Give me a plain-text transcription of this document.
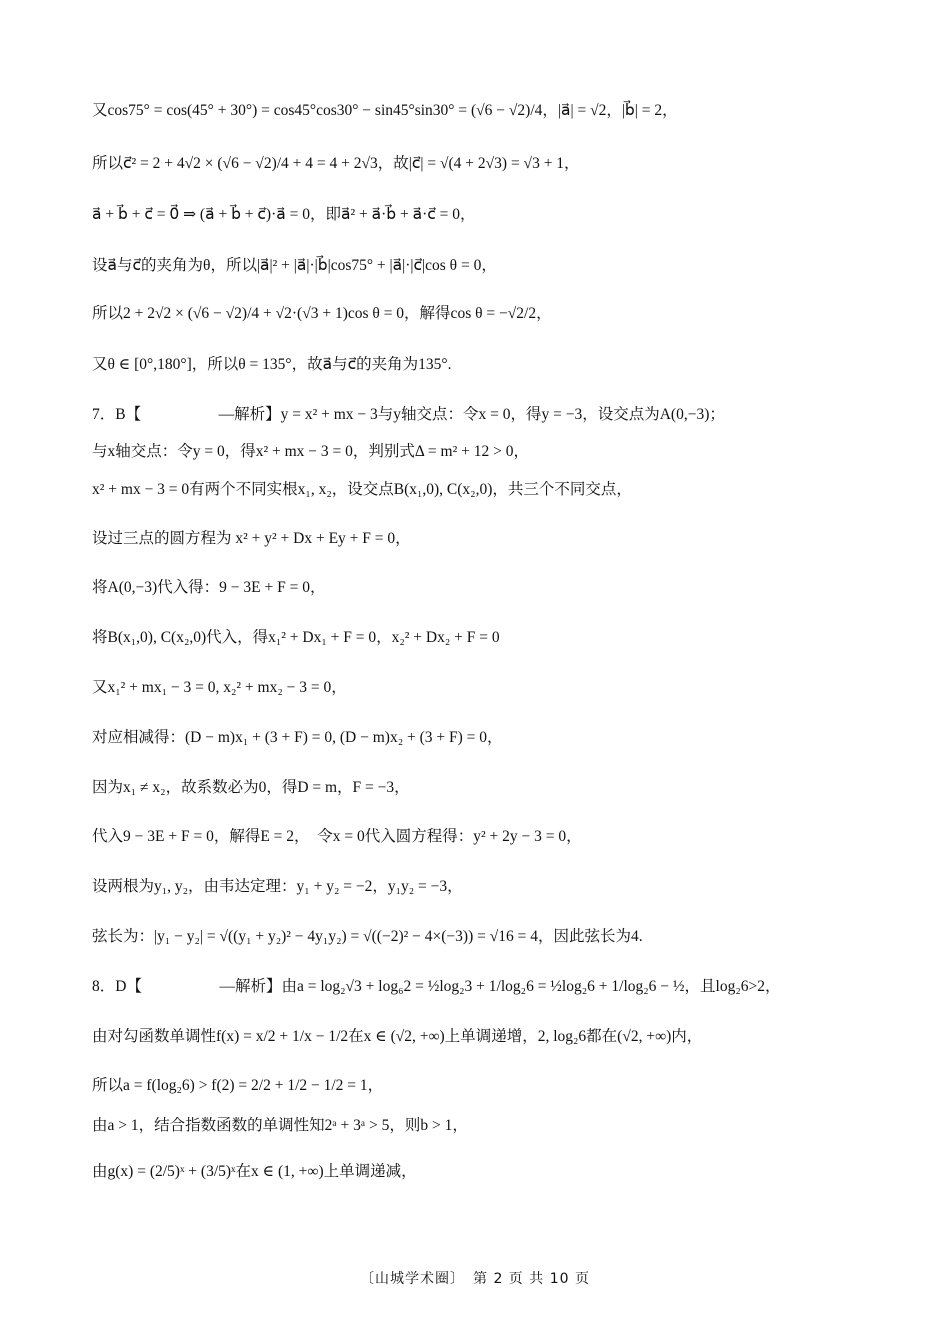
又cos75° = cos(45° + 30°) = cos45°cos30° − sin45°sin30° = (√6 − √2)/4，|a⃗| = √2，|b⃗| = 2，
所以c⃗² = 2 + 4√2 × (√6 − √2)/4 + 4 = 4 + 2√3，故|c⃗| = √(4 + 2√3) = √3 + 1，
a⃗ + b⃗ + c⃗ = 0⃗ ⇒ (a⃗ + b⃗ + c⃗)·a⃗ = 0，即a⃗² + a⃗·b⃗ + a⃗·c⃗ = 0，
设a⃗与c⃗的夹角为θ，所以|a⃗|² + |a⃗|·|b⃗|cos75° + |a⃗|·|c⃗|cos θ = 0，
所以2 + 2√2 × (√6 − √2)/4 + √2·(√3 + 1)cos θ = 0，解得cos θ = −√2/2，
又θ ∈ [0°,180°]，所以θ = 135°，故a⃗与c⃗的夹角为135°.
7．B【　　　　　—解析】y = x² + mx − 3与y轴交点：令x = 0，得y = −3，设交点为A(0,−3)；
与x轴交点：令y = 0，得x² + mx − 3 = 0，判别式Δ = m² + 12 > 0，
x² + mx − 3 = 0有两个不同实根x₁, x₂，设交点B(x₁,0), C(x₂,0)，共三个不同交点，
设过三点的圆方程为 x² + y² + Dx + Ey + F = 0，
将A(0,−3)代入得：9 − 3E + F = 0，
将B(x₁,0), C(x₂,0)代入，得x₁² + Dx₁ + F = 0，x₂² + Dx₂ + F = 0
又x₁² + mx₁ − 3 = 0, x₂² + mx₂ − 3 = 0，
对应相减得：(D − m)x₁ + (3 + F) = 0, (D − m)x₂ + (3 + F) = 0，
因为x₁ ≠ x₂，故系数必为0，得D = m，F = −3，
代入9 − 3E + F = 0，解得E = 2，　令x = 0代入圆方程得：y² + 2y − 3 = 0，
设两根为y₁, y₂，由韦达定理：y₁ + y₂ = −2，y₁y₂ = −3，
弦长为：|y₁ − y₂| = √((y₁ + y₂)² − 4y₁y₂) = √((−2)² − 4×(−3)) = √16 = 4，因此弦长为4.
8．D【　　　　　—解析】由a = log₂√3 + log₆2 = ½log₂3 + 1/log₂6 = ½log₂6 + 1/log₂6 − ½，且log₂6>2，
由对勾函数单调性f(x) = x/2 + 1/x − 1/2在x ∈ (√2, +∞)上单调递增，2, log₂6都在(√2, +∞)内，
所以a = f(log₂6) > f(2) = 2/2 + 1/2 − 1/2 = 1，
由a > 1，结合指数函数的单调性知2ᵃ + 3ᵃ > 5，则b > 1，
由g(x) = (2/5)ˣ + (3/5)ˣ在x ∈ (1, +∞)上单调递减，
〔山城学术圈〕　第 2 页 共 10 页
